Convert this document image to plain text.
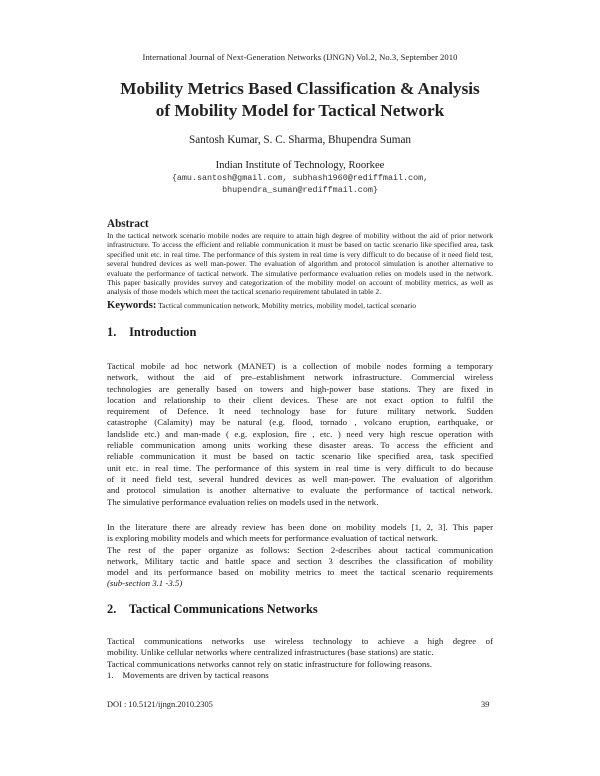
International Journal of Next-Generation Networks (IJNGN) Vol.2, No.3, September 2010
Mobility Metrics Based Classification & Analysis
of Mobility Model for Tactical Network
Santosh Kumar, S. C. Sharma, Bhupendra Suman
Indian Institute of Technology, Roorkee
{amu.santosh@gmail.com, subhash1960@rediffmail.com,
bhupendra_suman@rediffmail.com}
Abstract
In the tactical network scenario mobile nodes are require to attain high degree of mobility without the aid of prior network infrastructure. To access the efficient and reliable communication it must be based on tactic scenario like specified area, task specified unit etc. in real time. The performance of this system in real time is very difficult to do because of it need field test, several hundred devices as well man-power. The evaluation of algorithm and protocol simulation is another alternative to evaluate the performance of tactical network. The simulative performance evaluation relies on models used in the network. This paper basically provides survey and categorization of the mobility model on account of mobility metrics, as well as analysis of those models which meet the tactical scenario requirement tabulated in table 2.
Keywords: Tactical communication network, Mobility metrics, mobility model, tactical scenario
1. Introduction
Tactical mobile ad hoc network (MANET) is a collection of mobile nodes forming a temporary
network, without the aid of pre–establishment network infrastructure. Commercial wireless
technologies are generally based on towers and high-power base stations. They are fixed in
location and relationship to their client devices. These are not exact option to fulfil the
requirement of Defence. It need technology base for future military network. Sudden
catastrophe (Calamity) may be natural (e.g. flood, tornado , volcano eruption, earthquake, or
landslide etc.) and man-made ( e.g. explosion, fire , etc. ) need very high rescue operation with
reliable communication among units working these disaster areas. To access the efficient and
reliable communication it must be based on tactic scenario like specified area, task specified
unit etc. in real time. The performance of this system in real time is very difficult to do because
of it need field test, several hundred devices as well man-power. The evaluation of algorithm
and protocol simulation is another alternative to evaluate the performance of tactical network.
The simulative performance evaluation relies on models used in the network.
In the literature there are already review has been done on mobility models [1, 2, 3]. This paper
is exploring mobility models and which meets for performance evaluation of tactical network.
The rest of the paper organize as follows: Section 2-describes about tactical communication
network, Military tactic and battle space and section 3 describes the classification of mobility
model and its performance based on mobility metrics to meet the tactical scenario requirements
(sub-section 3.1 -3.5)
2. Tactical Communications Networks
Tactical communications networks use wireless technology to achieve a high degree of
mobility. Unlike cellular networks where centralized infrastructures (base stations) are static.
Tactical communications networks cannot rely on static infrastructure for following reasons.
1.    Movements are driven by tactical reasons
DOI : 10.5121/ijngn.2010.2305	39
